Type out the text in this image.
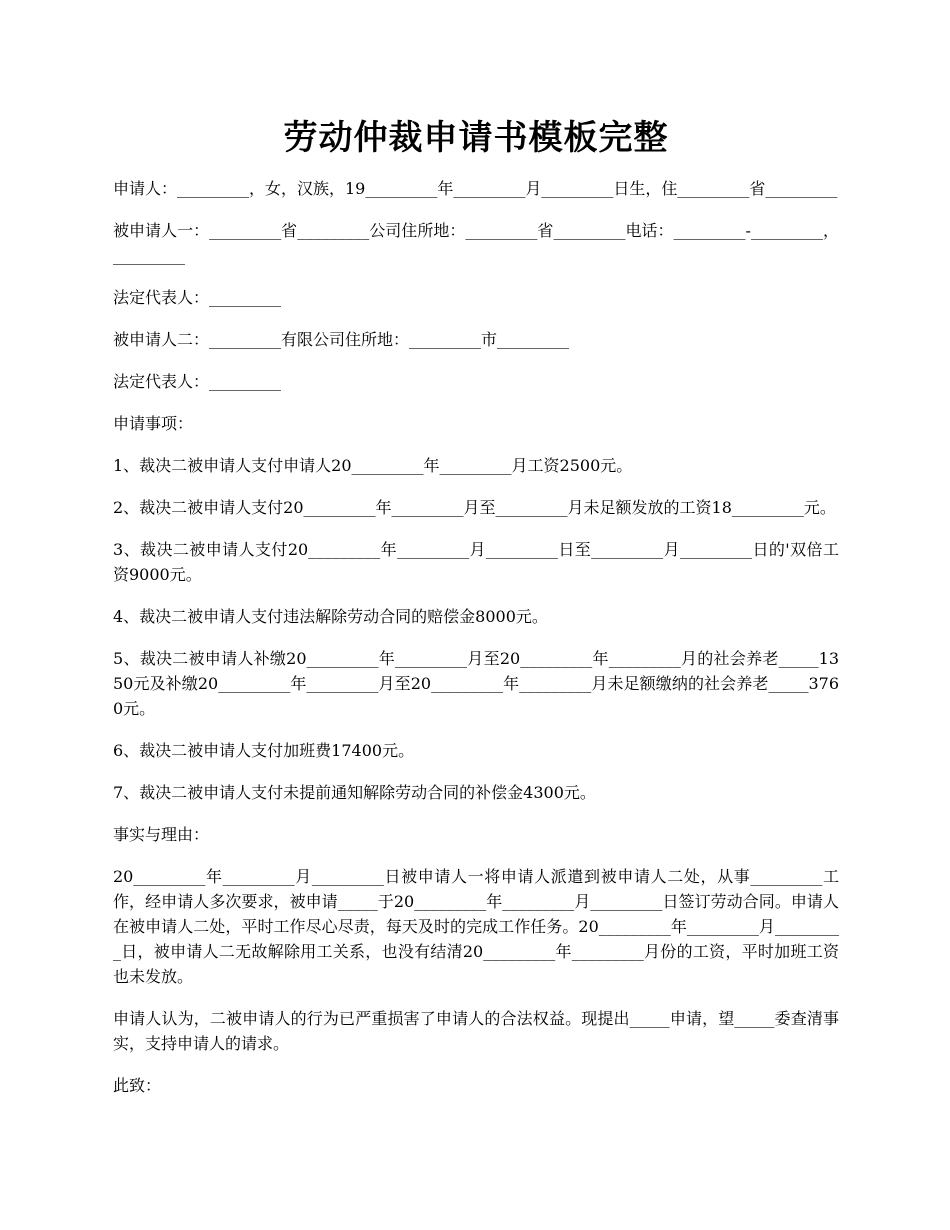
劳动仲裁申请书模板完整

申请人：_________，女，汉族，19_________年_________月_________日生，住_________省_________

被申请人一：_________省_________公司住所地：_________省_________电话：_________-_________，_________

法定代表人：_________

被申请人二：_________有限公司住所地：_________市_________

法定代表人：_________

申请事项：

1、裁决二被申请人支付申请人20_________年_________月工资2500元。

2、裁决二被申请人支付20_________年_________月至_________月未足额发放的工资18_________元。

3、裁决二被申请人支付20_________年_________月_________日至_________月_________日的'双倍工资9000元。

4、裁决二被申请人支付违法解除劳动合同的赔偿金8000元。

5、裁决二被申请人补缴20_________年_________月至20_________年_________月的社会养老_____1350元及补缴20_________年_________月至20_________年_________月未足额缴纳的社会养老_____3760元。

6、裁决二被申请人支付加班费17400元。

7、裁决二被申请人支付未提前通知解除劳动合同的补偿金4300元。

事实与理由：

20_________年_________月_________日被申请人一将申请人派遣到被申请人二处，从事_________工作，经申请人多次要求，被申请_____于20_________年_________月_________日签订劳动合同。申请人在被申请人二处，平时工作尽心尽责，每天及时的完成工作任务。20_________年_________月_________日，被申请人二无故解除用工关系，也没有结清20_________年_________月份的工资，平时加班工资也未发放。

申请人认为，二被申请人的行为已严重损害了申请人的合法权益。现提出_____申请，望_____委查清事实，支持申请人的请求。

此致：
